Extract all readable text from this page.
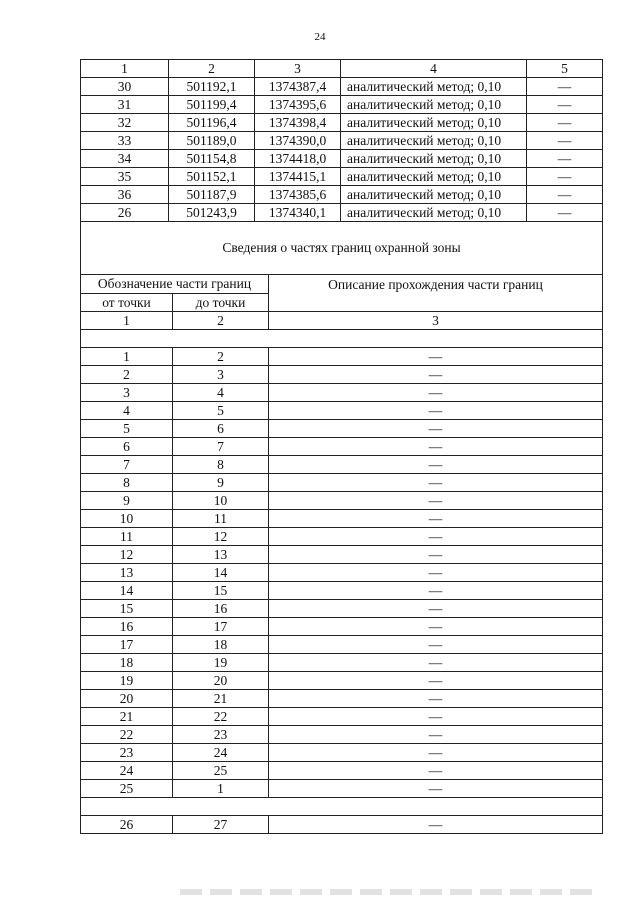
24
1	2	3	4	5
30	501192,1	1374387,4	аналитический метод; 0,10	—
31	501199,4	1374395,6	аналитический метод; 0,10	—
32	501196,4	1374398,4	аналитический метод; 0,10	—
33	501189,0	1374390,0	аналитический метод; 0,10	—
34	501154,8	1374418,0	аналитический метод; 0,10	—
35	501152,1	1374415,1	аналитический метод; 0,10	—
36	501187,9	1374385,6	аналитический метод; 0,10	—
26	501243,9	1374340,1	аналитический метод; 0,10	—
Сведения о частях границ охранной зоны		
Обозначение части границ		Описание прохождения части границ
от точки	до точки	
1	2	3

1	2	—
2	3	—
3	4	—
4	5	—
5	6	—
6	7	—
7	8	—
8	9	—
9	10	—
10	11	—
11	12	—
12	13	—
13	14	—
14	15	—
15	16	—
16	17	—
17	18	—
18	19	—
19	20	—
20	21	—
21	22	—
22	23	—
23	24	—
24	25	—
25	1	—

26	27	—
